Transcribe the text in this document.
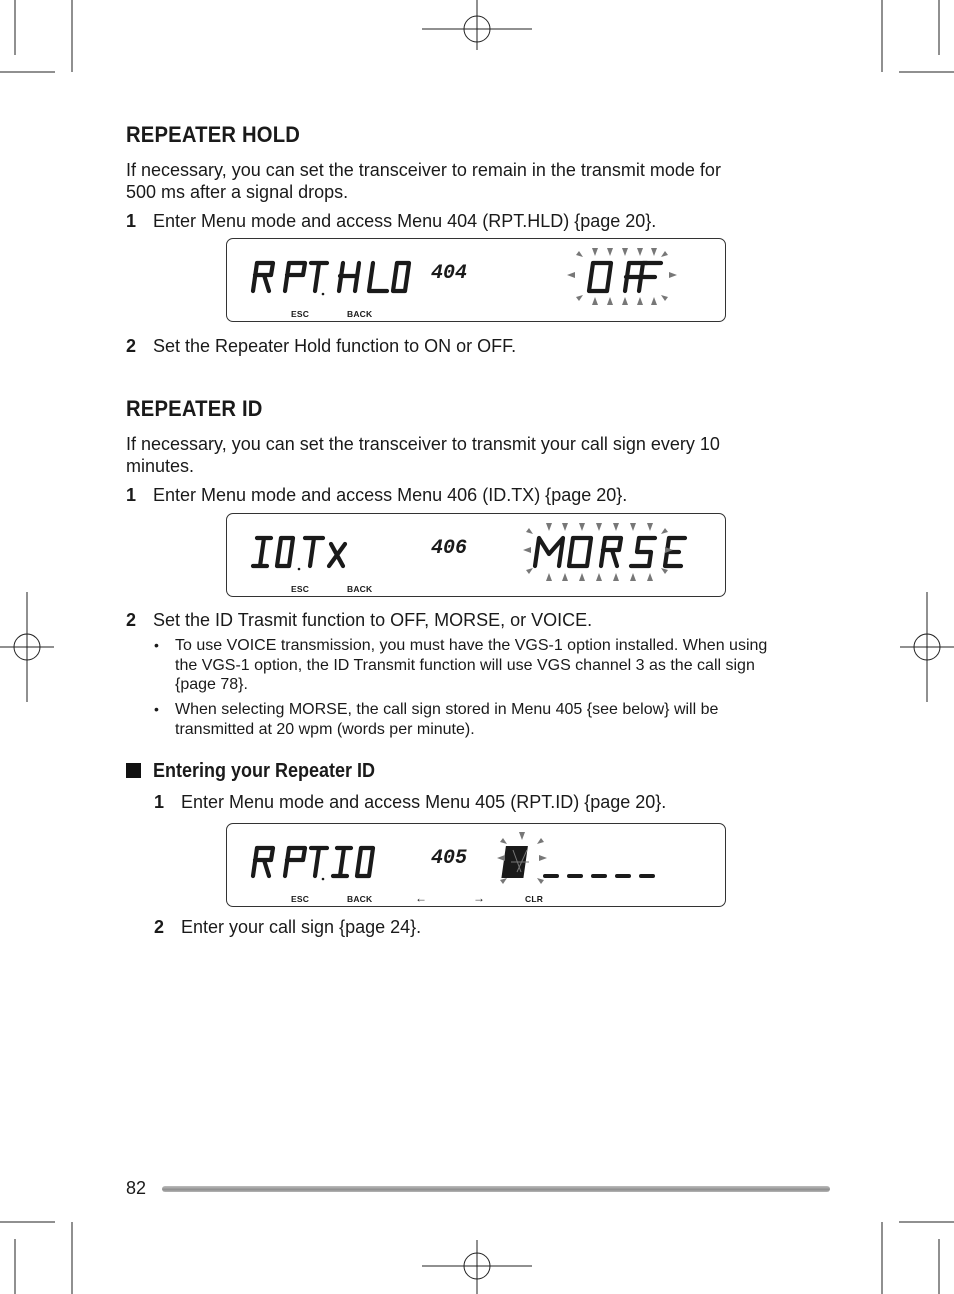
REPEATER HOLD
If necessary, you can set the transceiver to remain in the transmit mode for
500 ms after a signal drops.
1 Enter Menu mode and access Menu 404 (RPT.HLD) {page 20}.
404
ESC	BACK
2 Set the Repeater Hold function to ON or OFF.
REPEATER ID
If necessary, you can set the transceiver to transmit your call sign every 10
minutes.
1 Enter Menu mode and access Menu 406 (ID.TX) {page 20}.
406
ESC	BACK
2 Set the ID Trasmit function to OFF, MORSE, or VOICE.
• To use VOICE transmission, you must have the VGS-1 option installed. When using
the VGS-1 option, the ID Transmit function will use VGS channel 3 as the call sign
{page 78}.
• When selecting MORSE, the call sign stored in Menu 405 {see below} will be
transmitted at 20 wpm (words per minute).
Entering your Repeater ID
1 Enter Menu mode and access Menu 405 (RPT.ID) {page 20}.
405
ESC	BACK	←	→	CLR
2 Enter your call sign {page 24}.
82
